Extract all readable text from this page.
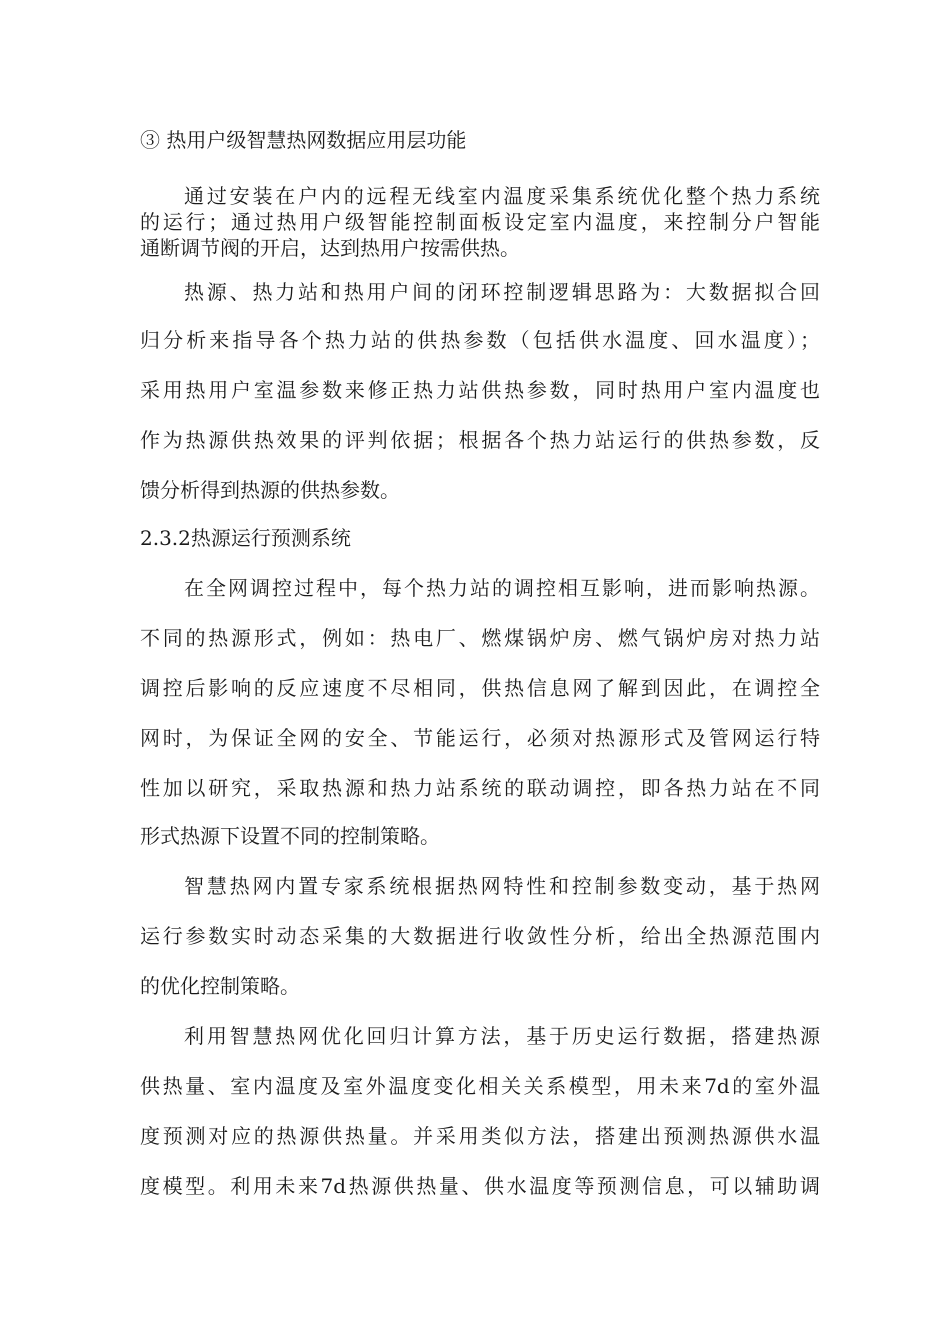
③ 热用户级智慧热网数据应用层功能
通过安装在户内的远程无线室内温度采集系统优化整个热力系统
的运行；通过热用户级智能控制面板设定室内温度，来控制分户智能
通断调节阀的开启，达到热用户按需供热。
热源、热力站和热用户间的闭环控制逻辑思路为：大数据拟合回
归分析来指导各个热力站的供热参数（包括供水温度、回水温度）；
采用热用户室温参数来修正热力站供热参数，同时热用户室内温度也
作为热源供热效果的评判依据；根据各个热力站运行的供热参数，反
馈分析得到热源的供热参数。
2.3.2热源运行预测系统
在全网调控过程中，每个热力站的调控相互影响，进而影响热源。
不同的热源形式，例如：热电厂、燃煤锅炉房、燃气锅炉房对热力站
调控后影响的反应速度不尽相同，供热信息网了解到因此，在调控全
网时，为保证全网的安全、节能运行，必须对热源形式及管网运行特
性加以研究，采取热源和热力站系统的联动调控，即各热力站在不同
形式热源下设置不同的控制策略。
智慧热网内置专家系统根据热网特性和控制参数变动，基于热网
运行参数实时动态采集的大数据进行收敛性分析，给出全热源范围内
的优化控制策略。
利用智慧热网优化回归计算方法，基于历史运行数据，搭建热源
供热量、室内温度及室外温度变化相关关系模型，用未来7d的室外温
度预测对应的热源供热量。并采用类似方法，搭建出预测热源供水温
度模型。利用未来7d热源供热量、供水温度等预测信息，可以辅助调
